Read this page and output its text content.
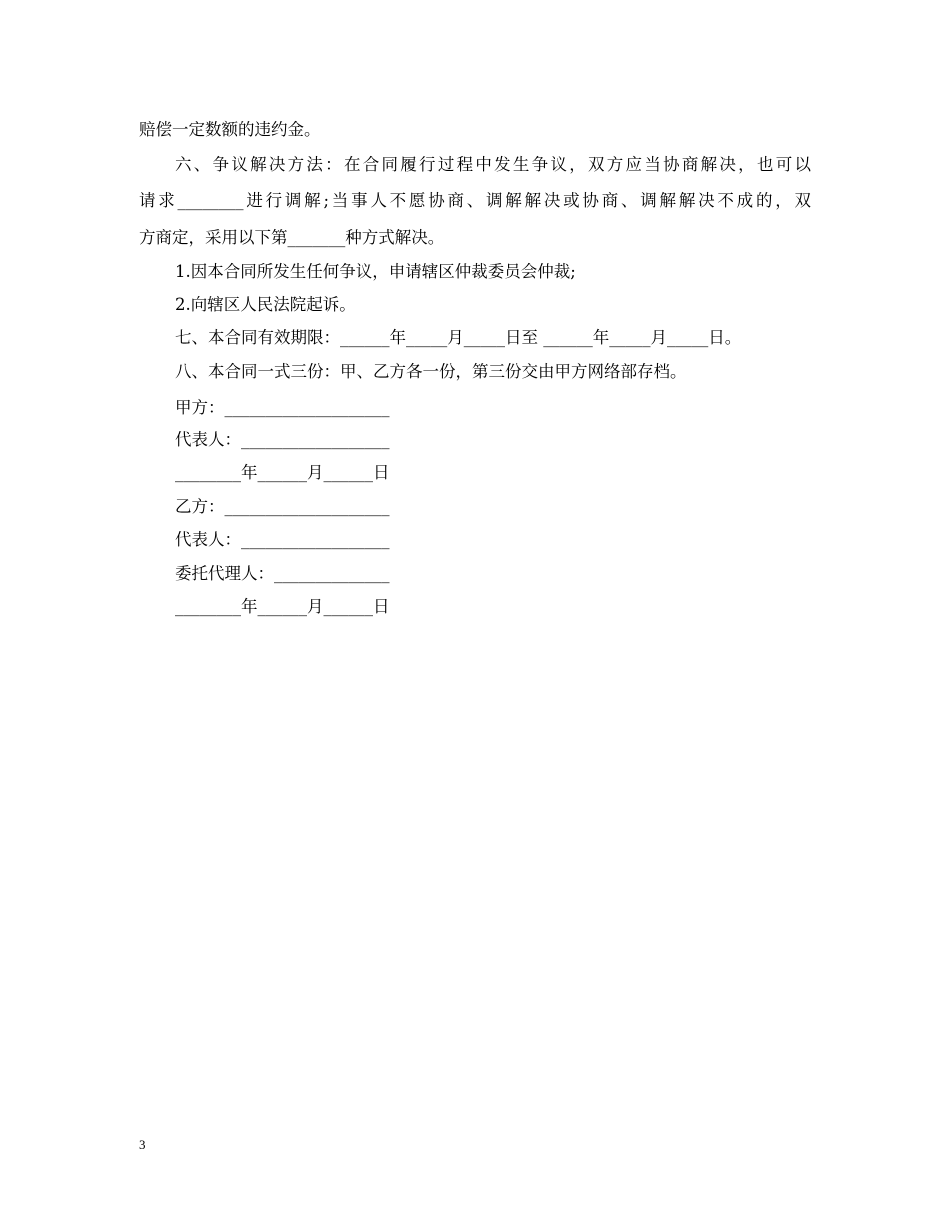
赔偿一定数额的违约金。
六、争议解决方法：在合同履行过程中发生争议，双方应当协商解决，也可以
请求________进行调解;当事人不愿协商、调解解决或协商、调解解决不成的，双
方商定，采用以下第_______种方式解决。
1.因本合同所发生任何争议，申请辖区仲裁委员会仲裁;
2.向辖区人民法院起诉。
七、本合同有效期限：______年_____月_____日至 ______年_____月_____日。
八、本合同一式三份：甲、乙方各一份，第三份交由甲方网络部存档。
甲方：____________________
代表人：__________________
________年______月______日
乙方：____________________
代表人：__________________
委托代理人：______________
________年______月______日
3
